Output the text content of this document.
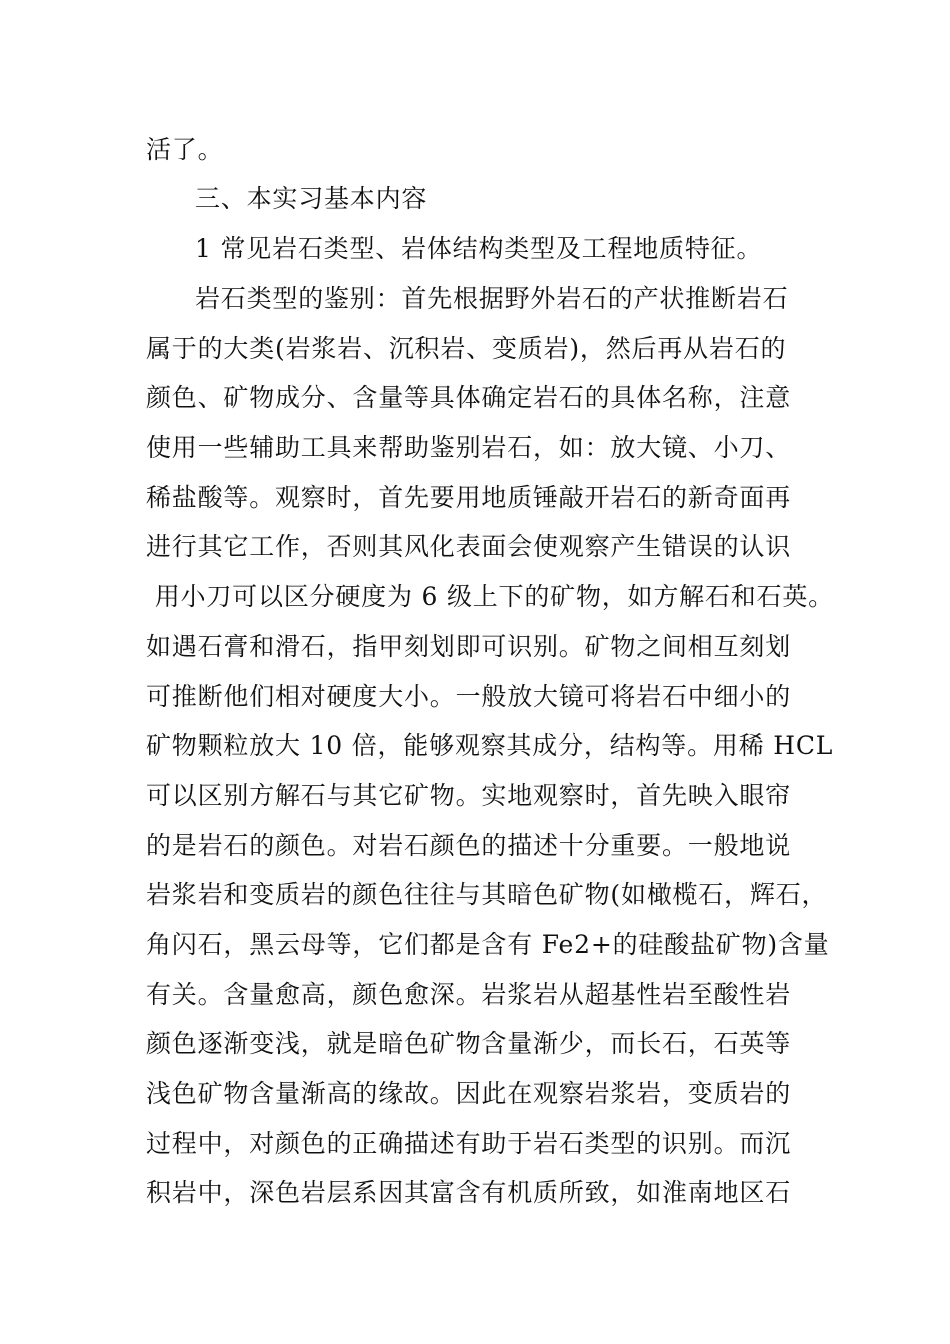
活了。
三、本实习基本内容
1 常见岩石类型、岩体结构类型及工程地质特征。
岩石类型的鉴别：首先根据野外岩石的产状推断岩石
属于的大类(岩浆岩、沉积岩、变质岩)，然后再从岩石的
颜色、矿物成分、含量等具体确定岩石的具体名称，注意
使用一些辅助工具来帮助鉴别岩石，如：放大镜、小刀、
稀盐酸等。观察时，首先要用地质锤敲开岩石的新奇面再
进行其它工作，否则其风化表面会使观察产生错误的认识
用小刀可以区分硬度为 6 级上下的矿物，如方解石和石英。
如遇石膏和滑石，指甲刻划即可识别。矿物之间相互刻划
可推断他们相对硬度大小。一般放大镜可将岩石中细小的
矿物颗粒放大 10 倍，能够观察其成分，结构等。用稀 HCL
可以区别方解石与其它矿物。实地观察时，首先映入眼帘
的是岩石的颜色。对岩石颜色的描述十分重要。一般地说
岩浆岩和变质岩的颜色往往与其暗色矿物(如橄榄石，辉石，
角闪石，黑云母等，它们都是含有 Fe2+的硅酸盐矿物)含量
有关。含量愈高，颜色愈深。岩浆岩从超基性岩至酸性岩
颜色逐渐变浅，就是暗色矿物含量渐少，而长石，石英等
浅色矿物含量渐高的缘故。因此在观察岩浆岩，变质岩的
过程中，对颜色的正确描述有助于岩石类型的识别。而沉
积岩中，深色岩层系因其富含有机质所致，如淮南地区石
